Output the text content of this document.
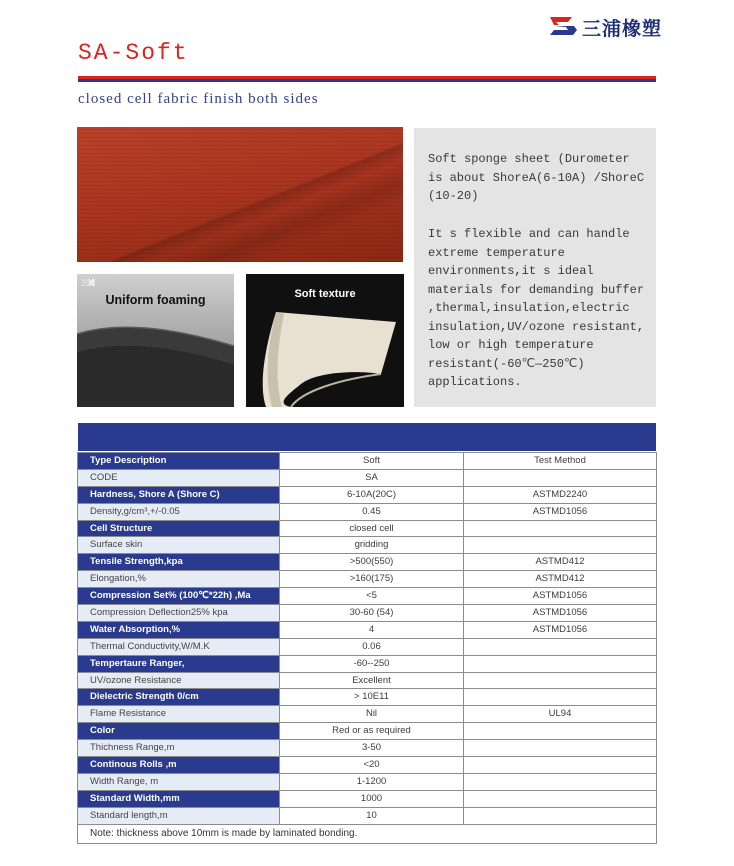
三浦橡塑
SA-Soft
closed cell fabric finish both sides
三浦
Uniform foaming	Soft texture

Soft sponge sheet (Durometer is about ShoreA(6-10A) /ShoreC (10-20)

It s flexible and can handle extreme temperature environments,it s ideal materials for demanding buffer ,thermal,insulation,electric insulation,UV/ozone resistant, low or high temperature resistant(-60℃—250℃) applications.

Type Description	Soft	Test Method
CODE	SA	
Hardness, Shore A (Shore C)	6-10A(20C)	ASTMD2240
Density,g/cm³,+/-0.05	0.45	ASTMD1056
Cell Structure	closed cell	
Surface skin	gridding	
Tensile Strength,kpa	>500(550)	ASTMD412
Elongation,%	>160(175)	ASTMD412
Compression Set% (100℃*22h) ,Ma	<5	ASTMD1056
Compression Deflection25% kpa	30-60 (54)	ASTMD1056
Water Absorption,%	4	ASTMD1056
Thermal Conductivity,W/M.K	0.06	
Tempertaure Ranger,	-60--250	
UV/ozone Resistance	Excellent	
Dielectric Strength 0/cm	> 10E11	
Flame Resistance	Nil	UL94
Color	Red or as required	
Thichness Range,m	3-50	
Continous Rolls ,m	<20	
Width Range, m	1-1200	
Standard Width,mm	1000	
Standard length,m	10	
Note: thickness above 10mm is made by laminated bonding.		
